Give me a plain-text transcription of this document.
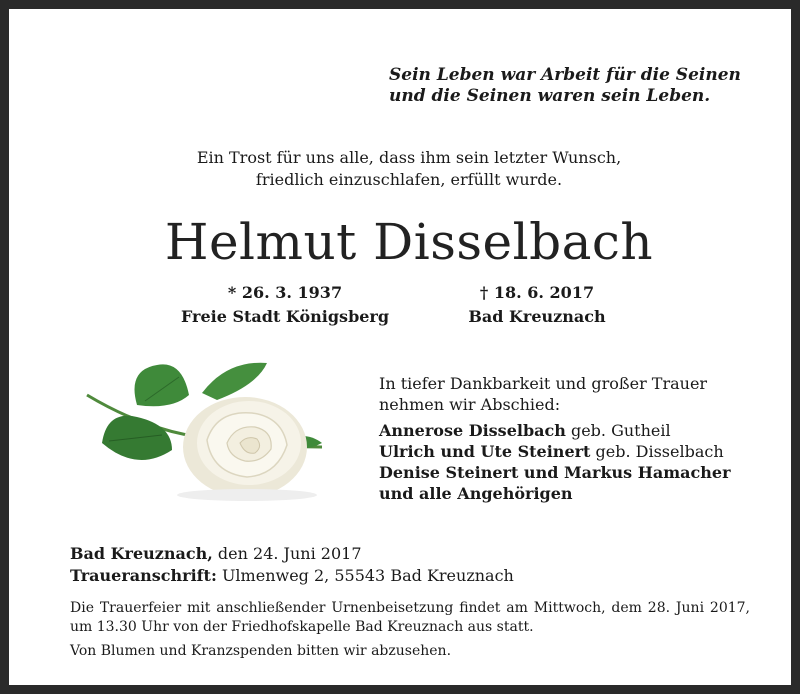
Sein Leben war Arbeit für die Seinen
und die Seinen waren sein Leben.
Ein Trost für uns alle, dass ihm sein letzter Wunsch,
friedlich einzuschlafen, erfüllt wurde.
Helmut Disselbach
* 26. 3. 1937
Freie Stadt Königsberg
† 18. 6. 2017
Bad Kreuznach
In tiefer Dankbarkeit und großer Trauer
nehmen wir Abschied:
Annerose Disselbach geb. Gutheil
Ulrich und Ute Steinert geb. Disselbach
Denise Steinert und Markus Hamacher
und alle Angehörigen
Bad Kreuznach, den 24. Juni 2017
Traueranschrift: Ulmenweg 2, 55543 Bad Kreuznach
Die Trauerfeier mit anschließender Urnenbeisetzung findet am Mittwoch, dem 28. Juni 2017, um 13.30 Uhr von der Friedhofskapelle Bad Kreuznach aus statt.
Von Blumen und Kranzspenden bitten wir abzusehen.
